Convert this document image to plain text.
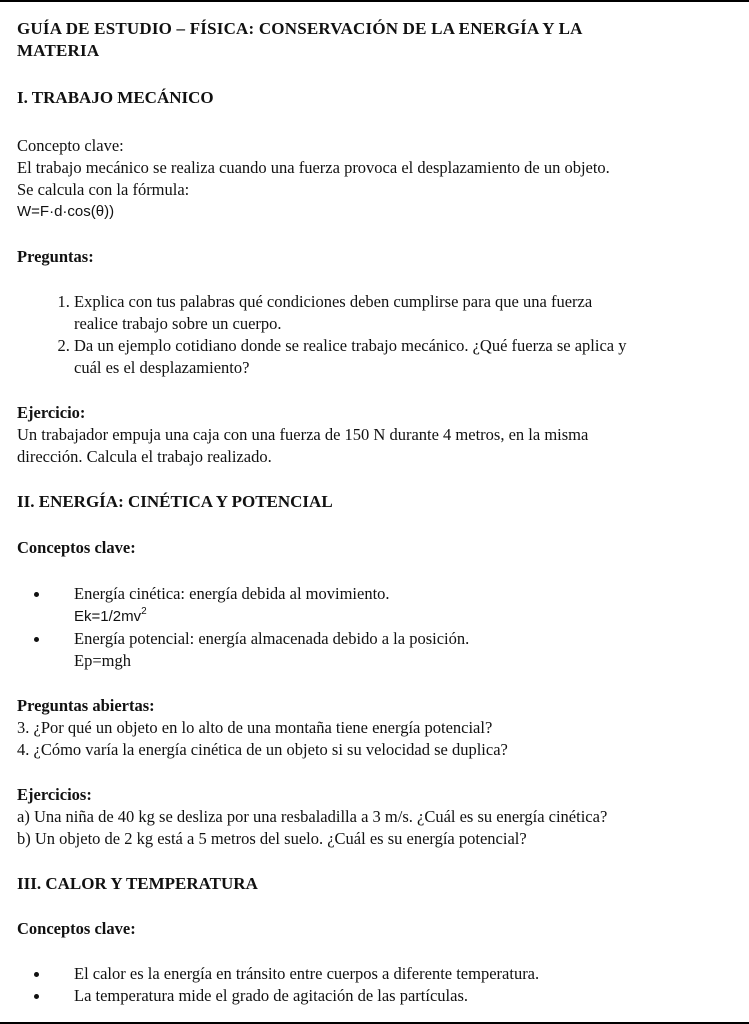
GUÍA DE ESTUDIO – FÍSICA: CONSERVACIÓN DE LA ENERGÍA Y LA

MATERIA

I. TRABAJO MECÁNICO

Concepto clave:

El trabajo mecánico se realiza cuando una fuerza provoca el desplazamiento de un objeto.

Se calcula con la fórmula:

W=F·d·cos(θ))

Preguntas:

1. Explica con tus palabras qué condiciones deben cumplirse para que una fuerza
realice trabajo sobre un cuerpo.
2. Da un ejemplo cotidiano donde se realice trabajo mecánico. ¿Qué fuerza se aplica y
cuál es el desplazamiento?

Ejercicio:

Un trabajador empuja una caja con una fuerza de 150 N durante 4 metros, en la misma

dirección. Calcula el trabajo realizado.

II. ENERGÍA: CINÉTICA Y POTENCIAL

Conceptos clave:

Energía cinética: energía debida al movimiento.
$Ek=1/2mv^2$
Energía potencial: energía almacenada debido a la posición.
Ep=mgh

Preguntas abiertas:

3. ¿Por qué un objeto en lo alto de una montaña tiene energía potencial?

4. ¿Cómo varía la energía cinética de un objeto si su velocidad se duplica?

Ejercicios:

a) Una niña de 40 kg se desliza por una resbaladilla a 3 m/s. ¿Cuál es su energía cinética?

b) Un objeto de 2 kg está a 5 metros del suelo. ¿Cuál es su energía potencial?

III. CALOR Y TEMPERATURA

Conceptos clave:

El calor es la energía en tránsito entre cuerpos a diferente temperatura.
La temperatura mide el grado de agitación de las partículas.
